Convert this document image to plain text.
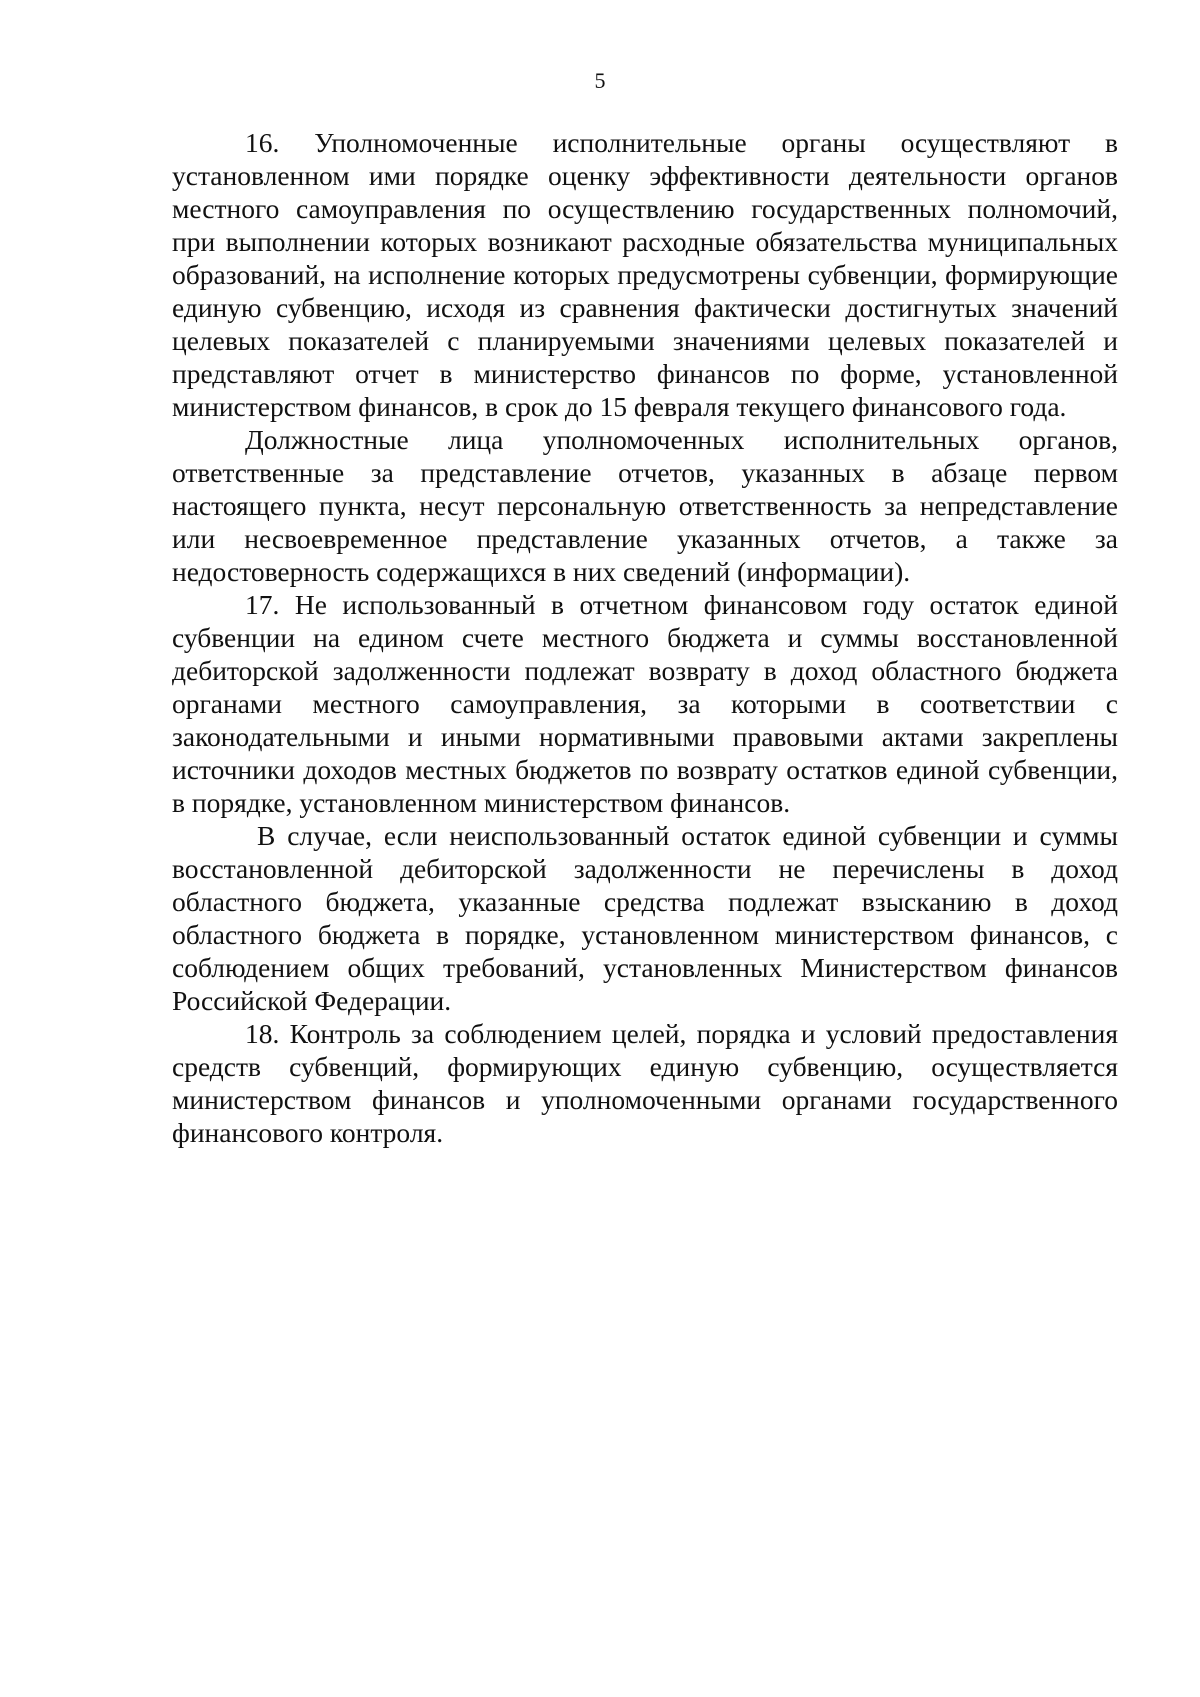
5

16. Уполномоченные исполнительные органы осуществляют в установленном ими порядке оценку эффективности деятельности органов местного самоуправления по осуществлению государственных полномочий, при выполнении которых возникают расходные обязательства муниципальных образований, на исполнение которых предусмотрены субвенции, формирующие единую субвенцию, исходя из сравнения фактически достигнутых значений целевых показателей с планируемыми значениями целевых показателей и представляют отчет в министерство финансов по форме, установленной министерством финансов, в срок до 15 февраля текущего финансового года.

Должностные лица уполномоченных исполнительных органов, ответственные за представление отчетов, указанных в абзаце первом настоящего пункта, несут персональную ответственность за непредставление или несвоевременное представление указанных отчетов, а также за недостоверность содержащихся в них сведений (информации).

17. Не использованный в отчетном финансовом году остаток единой субвенции на едином счете местного бюджета и суммы восстановленной дебиторской задолженности подлежат возврату в доход областного бюджета органами местного самоуправления, за которыми в соответствии с законодательными и иными нормативными правовыми актами закреплены источники доходов местных бюджетов по возврату остатков единой субвенции, в порядке, установленном министерством финансов.

В случае, если неиспользованный остаток единой субвенции и суммы восстановленной дебиторской задолженности не перечислены в доход областного бюджета, указанные средства подлежат взысканию в доход областного бюджета в порядке, установленном министерством финансов, с соблюдением общих требований, установленных Министерством финансов Российской Федерации.

18. Контроль за соблюдением целей, порядка и условий предоставления средств субвенций, формирующих единую субвенцию, осуществляется министерством финансов и уполномоченными органами государственного финансового контроля.
